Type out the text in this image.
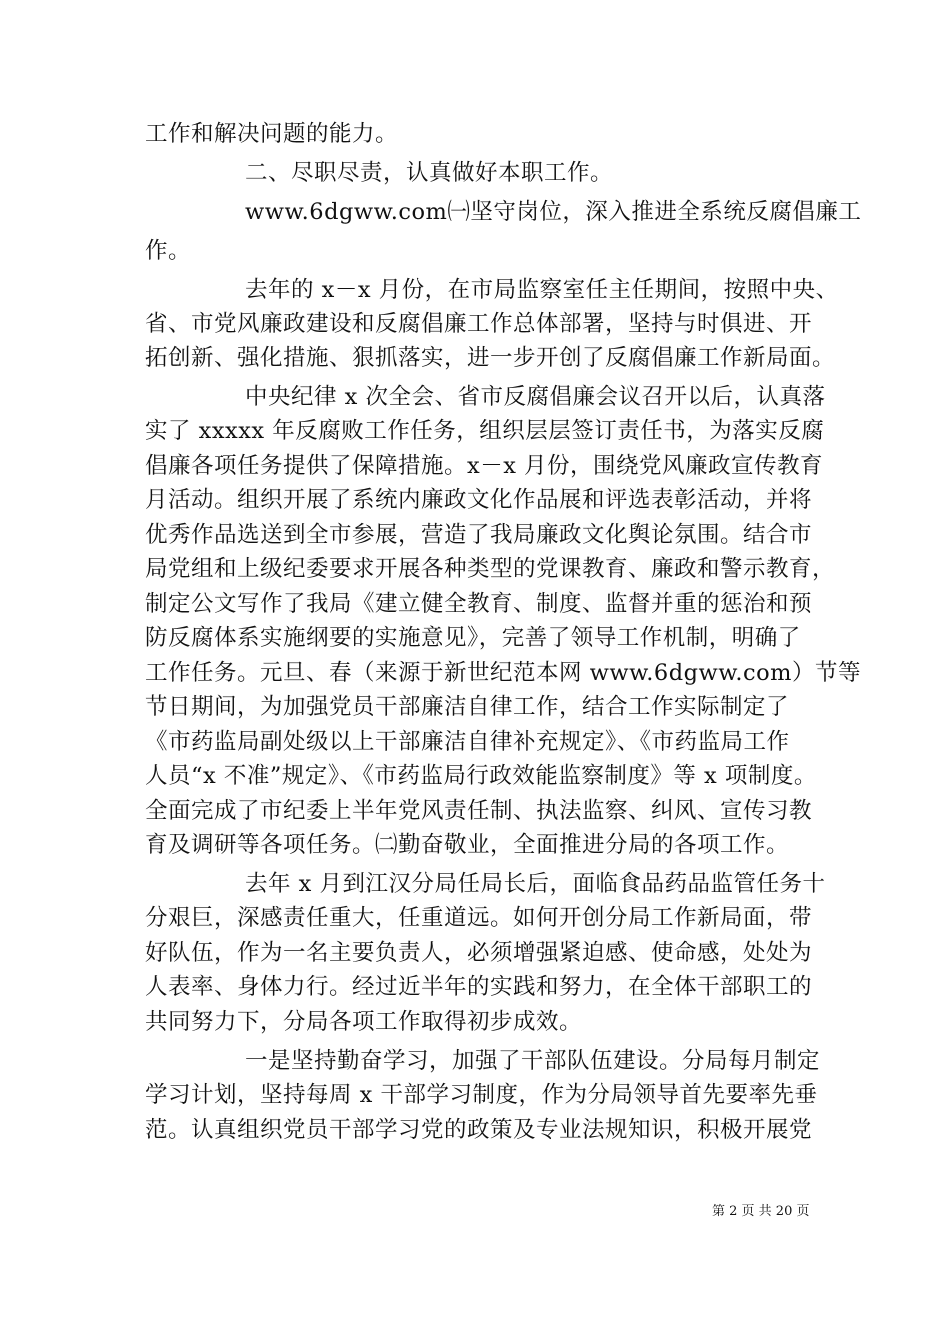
工作和解决问题的能力。
二、尽职尽责，认真做好本职工作。
www.6dgww.com㈠坚守岗位，深入推进全系统反腐倡廉工
作。
去年的 x－x 月份，在市局监察室任主任期间，按照中央、
省、市党风廉政建设和反腐倡廉工作总体部署，坚持与时俱进、开
拓创新、强化措施、狠抓落实，进一步开创了反腐倡廉工作新局面。
中央纪律 x 次全会、省市反腐倡廉会议召开以后，认真落
实了 xxxxx 年反腐败工作任务，组织层层签订责任书，为落实反腐
倡廉各项任务提供了保障措施。x－x 月份，围绕党风廉政宣传教育
月活动。组织开展了系统内廉政文化作品展和评选表彰活动，并将
优秀作品选送到全市参展，营造了我局廉政文化舆论氛围。结合市
局党组和上级纪委要求开展各种类型的党课教育、廉政和警示教育，
制定公文写作了我局《建立健全教育、制度、监督并重的惩治和预
防反腐体系实施纲要的实施意见》，完善了领导工作机制，明确了
工作任务。元旦、春（来源于新世纪范本网 www.6dgww.com）节等
节日期间，为加强党员干部廉洁自律工作，结合工作实际制定了
《市药监局副处级以上干部廉洁自律补充规定》、《市药监局工作
人员“x 不准”规定》、《市药监局行政效能监察制度》等 x 项制度。
全面完成了市纪委上半年党风责任制、执法监察、纠风、宣传习教
育及调研等各项任务。㈡勤奋敬业，全面推进分局的各项工作。
去年 x 月到江汉分局任局长后，面临食品药品监管任务十
分艰巨，深感责任重大，任重道远。如何开创分局工作新局面，带
好队伍，作为一名主要负责人，必须增强紧迫感、使命感，处处为
人表率、身体力行。经过近半年的实践和努力，在全体干部职工的
共同努力下，分局各项工作取得初步成效。
一是坚持勤奋学习，加强了干部队伍建设。分局每月制定
学习计划，坚持每周 x 干部学习制度，作为分局领导首先要率先垂
范。认真组织党员干部学习党的政策及专业法规知识，积极开展党
第 2 页 共 20 页
